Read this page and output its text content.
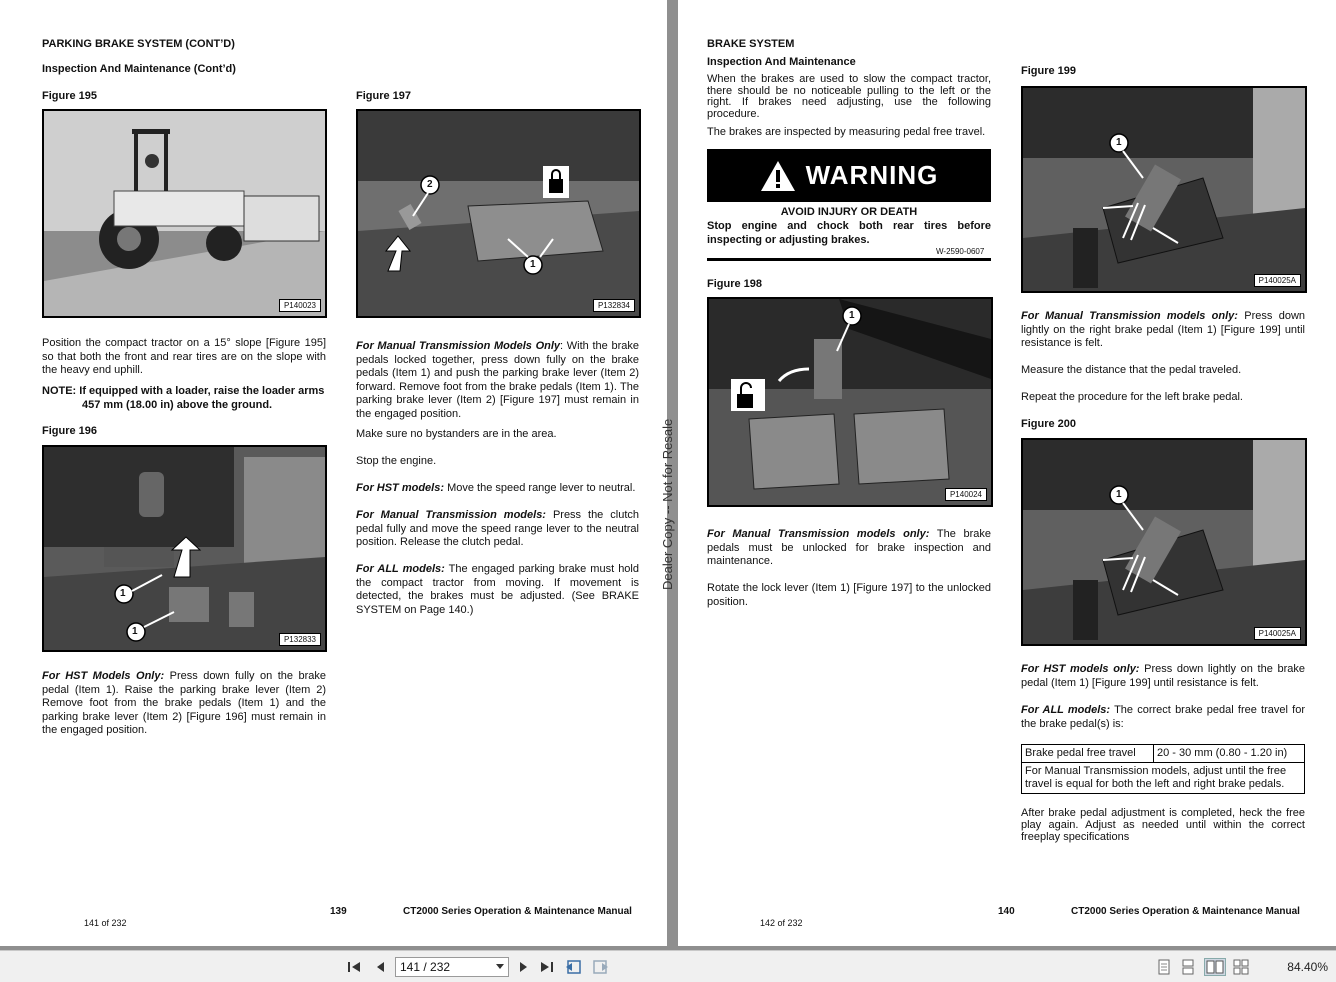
PARKING BRAKE SYSTEM (CONT’D)
Inspection And Maintenance (Cont’d)
Figure 195
P140023
Position the compact tractor on a 15° slope [Figure 195] so that both the front and rear tires are on the slope with the heavy end uphill.
NOTE: If equipped with a loader, raise the loader arms
457 mm (18.00 in) above the ground.
Figure 196
1
1
P132833
For HST Models Only: Press down fully on the brake pedal (Item 1). Raise the parking brake lever (Item 2) Remove foot from the brake pedals (Item 1) and the parking brake lever (Item 2) [Figure 196] must remain in the engaged position.
Figure 197
2
1
P132834
For Manual Transmission Models Only: With the brake pedals locked together, press down fully on the brake pedals (Item 1) and push the parking brake lever (Item 2) forward. Remove foot from the brake pedals (Item 1). The parking brake lever (Item 2) [Figure 197] must remain in the engaged position.
Make sure no bystanders are in the area.
Stop the engine.
For HST models: Move the speed range lever to neutral.
For Manual Transmission models: Press the clutch pedal fully and move the speed range lever to the neutral position. Release the clutch pedal.
For ALL models: The engaged parking brake must hold the compact tractor from moving. If movement is detected, the brakes must be adjusted. (See BRAKE SYSTEM on Page 140.)
139	CT2000 Series Operation & Maintenance Manual
141 of 232
Dealer Copy -- Not for Resale
BRAKE SYSTEM
Inspection And Maintenance
When the brakes are used to slow the compact tractor, there should be no noticeable pulling to the left or the right. If brakes need adjusting, use the following procedure.
The brakes are inspected by measuring pedal free travel.
WARNING
AVOID INJURY OR DEATH
Stop engine and chock both rear tires before inspecting or adjusting brakes.
W-2590-0607
Figure 198
1
P140024
For Manual Transmission models only: The brake pedals must be unlocked for brake inspection and maintenance.
Rotate the lock lever (Item 1) [Figure 197] to the unlocked position.
Figure 199
1
P140025A
For Manual Transmission models only: Press down lightly on the right brake pedal (Item 1) [Figure 199] until resistance is felt.
Measure the distance that the pedal traveled.
Repeat the procedure for the left brake pedal.
Figure 200
1
P140025A
For HST models only: Press down lightly on the brake pedal (Item 1) [Figure 199] until resistance is felt.
For ALL models: The correct brake pedal free travel for the brake pedal(s) is:
Brake pedal free travel	20 - 30 mm (0.80 - 1.20 in)
For Manual Transmission models, adjust until the free travel is equal for both the left and right brake pedals.
After brake pedal adjustment is completed, heck the free play again. Adjust as needed until within the correct freeplay specifications
140	CT2000 Series Operation & Maintenance Manual
142 of 232
141 / 232	84.40%
